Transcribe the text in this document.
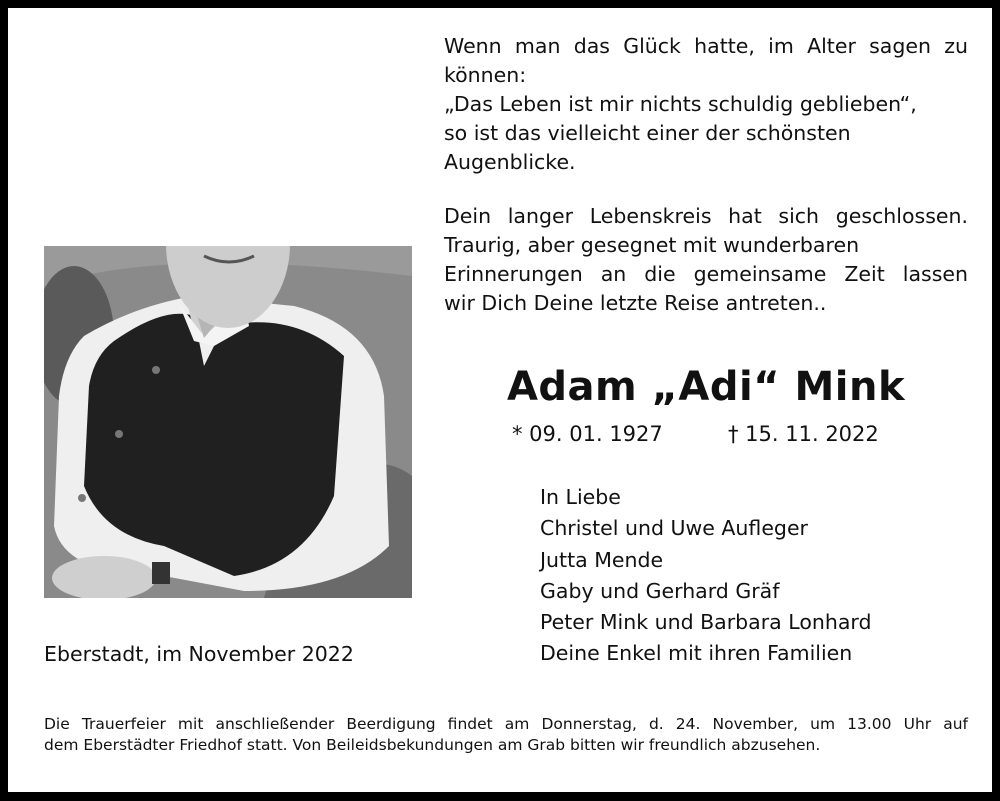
Wenn man das Glück hatte, im Alter sagen zu
können:
„Das Leben ist mir nichts schuldig geblieben“,
so ist das vielleicht einer der schönsten
Augenblicke.
Dein langer Lebenskreis hat sich geschlossen.
Traurig, aber gesegnet mit wunderbaren
Erinnerungen an die gemeinsame Zeit lassen
wir Dich Deine letzte Reise antreten..
Adam „Adi“ Mink
* 09. 01. 1927	† 15. 11. 2022
In Liebe
Christel und Uwe Aufleger
Jutta Mende
Gaby und Gerhard Gräf
Peter Mink und Barbara Lonhard
Deine Enkel mit ihren Familien
Eberstadt, im November 2022
Die Trauerfeier mit anschließender Beerdigung findet am Donnerstag, d. 24. November, um 13.00 Uhr auf
dem Eberstädter Friedhof statt. Von Beileidsbekundungen am Grab bitten wir freundlich abzusehen.
